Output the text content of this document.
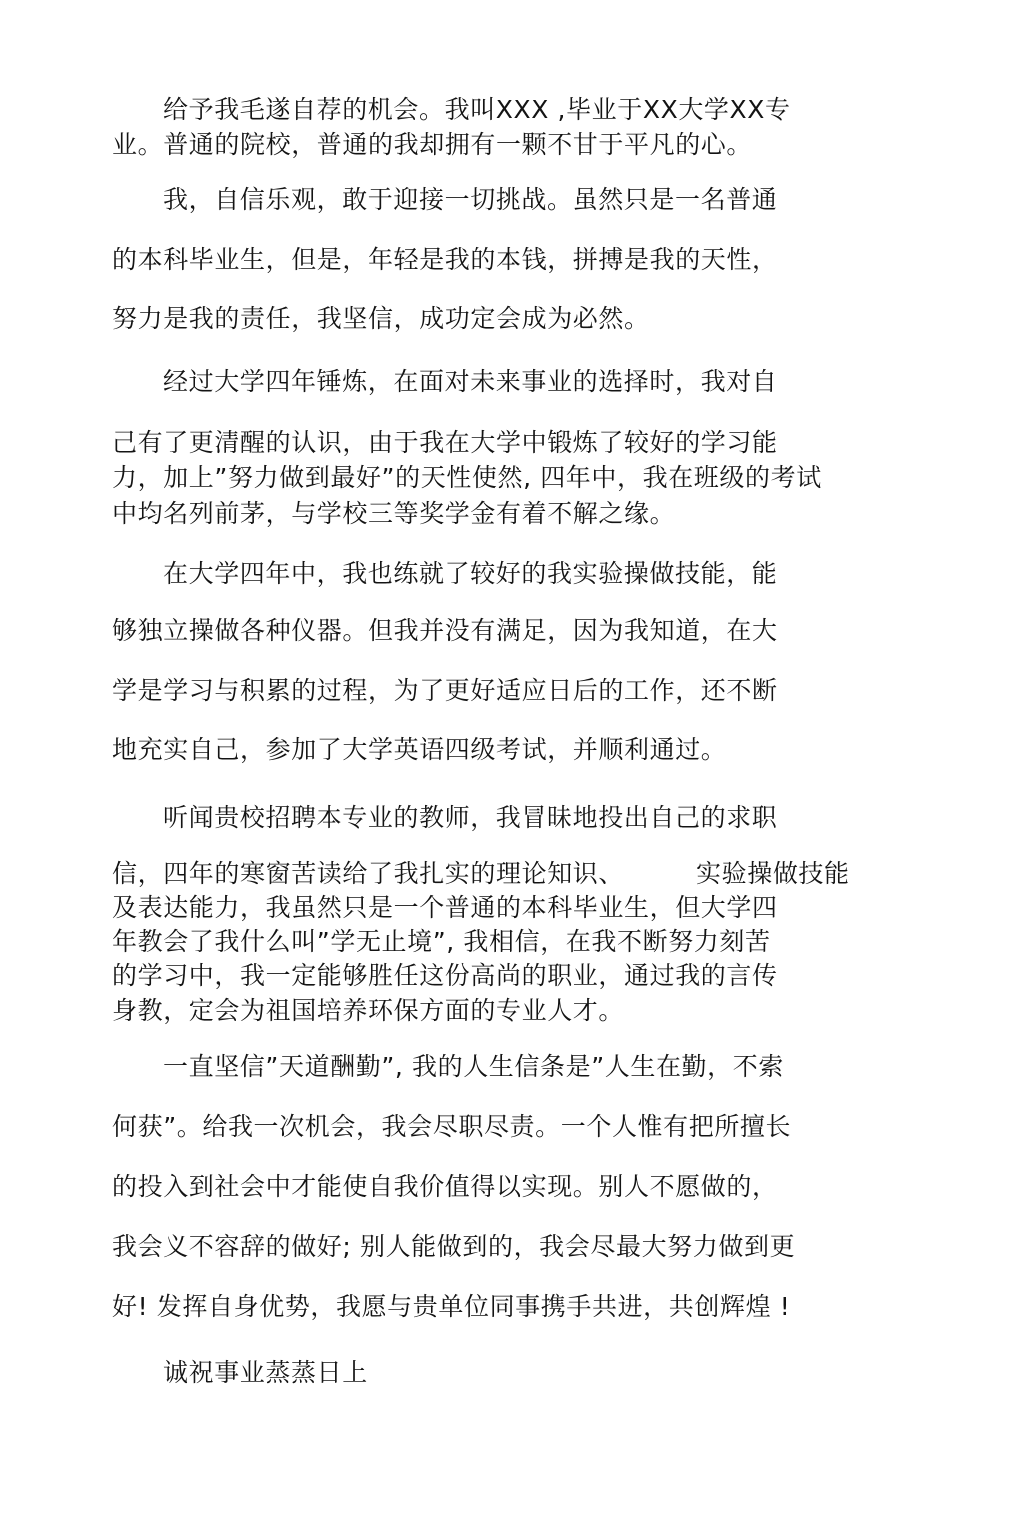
给予我毛遂自荐的机会。我叫XXX ,毕业于XX大学XX专
业。普通的院校，普通的我却拥有一颗不甘于平凡的心。
我，自信乐观，敢于迎接一切挑战。虽然只是一名普通
的本科毕业生，但是，年轻是我的本钱，拼搏是我的天性，
努力是我的责任，我坚信，成功定会成为必然。
经过大学四年锤炼，在面对未来事业的选择时，我对自
己有了更清醒的认识，由于我在大学中锻炼了较好的学习能
力，加上”努力做到最好”的天性使然, 四年中，我在班级的考试
中均名列前茅，与学校三等奖学金有着不解之缘。
在大学四年中，我也练就了较好的我实验操做技能，能
够独立操做各种仪器。但我并没有满足，因为我知道，在大
学是学习与积累的过程，为了更好适应日后的工作，还不断
地充实自己，参加了大学英语四级考试，并顺利通过。
听闻贵校招聘本专业的教师，我冒昧地投出自己的求职
信，四年的寒窗苦读给了我扎实的理论知识、	实验操做技能
及表达能力，我虽然只是一个普通的本科毕业生，但大学四
年教会了我什么叫”学无止境”, 我相信，在我不断努力刻苦
的学习中，我一定能够胜任这份高尚的职业，通过我的言传
身教，定会为祖国培养环保方面的专业人才。
一直坚信”天道酬勤”, 我的人生信条是”人生在勤，不索
何获”。给我一次机会，我会尽职尽责。一个人惟有把所擅长
的投入到社会中才能使自我价值得以实现。别人不愿做的，
我会义不容辞的做好; 别人能做到的，我会尽最大努力做到更
好! 发挥自身优势，我愿与贵单位同事携手共进，共创辉煌 !
诚祝事业蒸蒸日上
